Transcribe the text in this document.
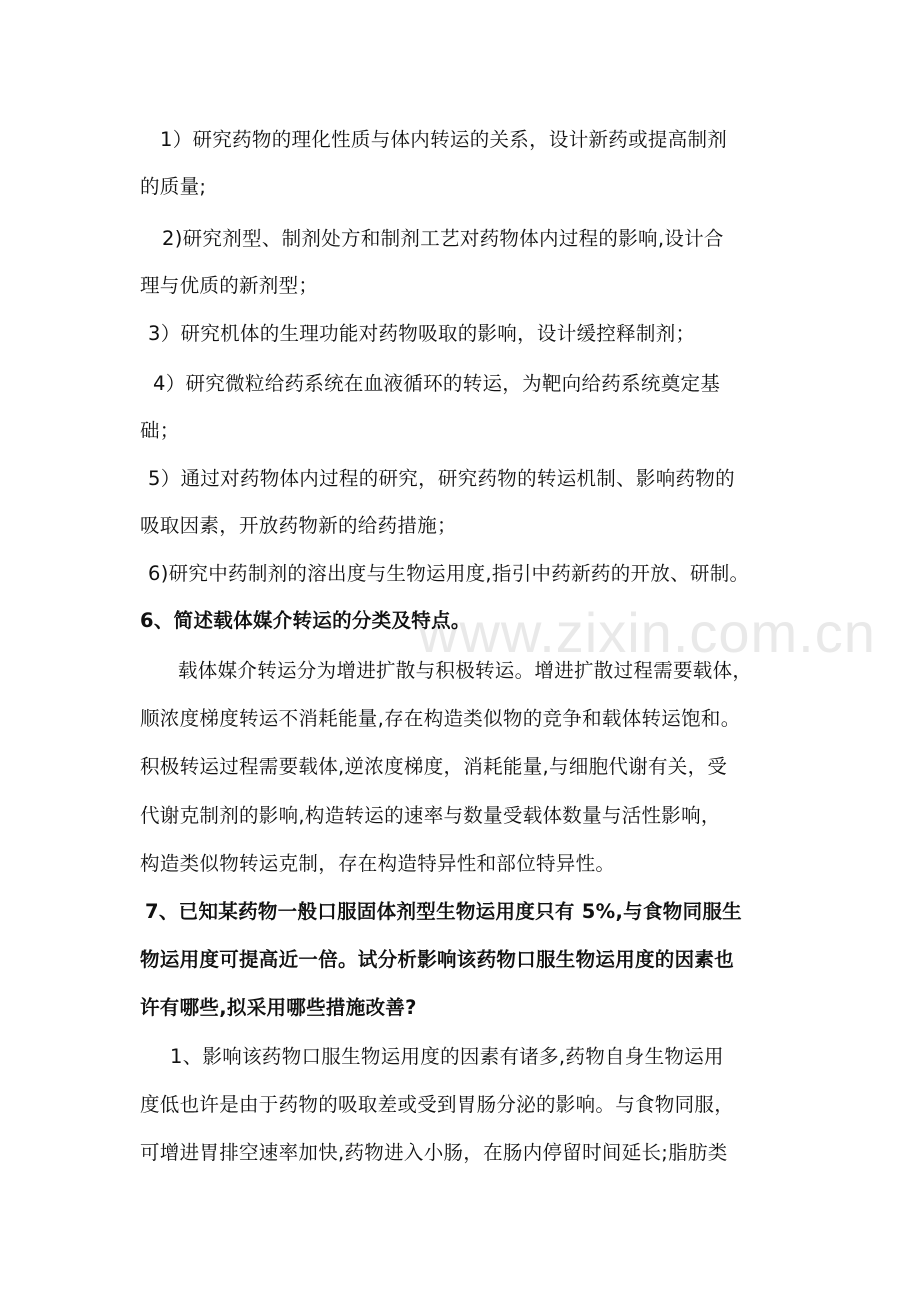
www.zixin.com.cn
1）研究药物的理化性质与体内转运的关系，设计新药或提高制剂
的质量;
2)研究剂型、制剂处方和制剂工艺对药物体内过程的影响,设计合
理与优质的新剂型；
3）研究机体的生理功能对药物吸取的影响，设计缓控释制剂；
4）研究微粒给药系统在血液循环的转运，为靶向给药系统奠定基
础；
5）通过对药物体内过程的研究，研究药物的转运机制、影响药物的
吸取因素，开放药物新的给药措施；
6)研究中药制剂的溶出度与生物运用度,指引中药新药的开放、研制。
6、简述载体媒介转运的分类及特点。
载体媒介转运分为增进扩散与积极转运。增进扩散过程需要载体，
顺浓度梯度转运不消耗能量,存在构造类似物的竞争和载体转运饱和。
积极转运过程需要载体,逆浓度梯度，消耗能量,与细胞代谢有关，受
代谢克制剂的影响,构造转运的速率与数量受载体数量与活性影响，
构造类似物转运克制，存在构造特异性和部位特异性。
7、已知某药物一般口服固体剂型生物运用度只有 5%,与食物同服生
物运用度可提高近一倍。试分析影响该药物口服生物运用度的因素也
许有哪些,拟采用哪些措施改善?
1、影响该药物口服生物运用度的因素有诸多,药物自身生物运用
度低也许是由于药物的吸取差或受到胃肠分泌的影响。与食物同服，
可增进胃排空速率加快,药物进入小肠，在肠内停留时间延长;脂肪类
